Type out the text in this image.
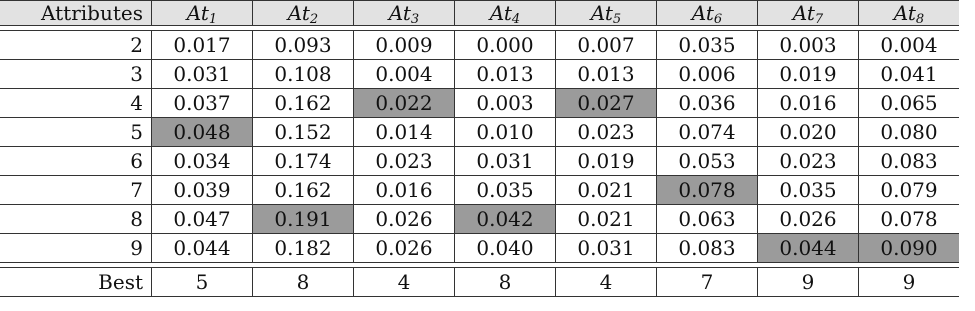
Attributes	$At_1$	$At_2$	$At_3$	$At_4$	$At_5$	$At_6$	$At_7$	$At_8$

2	0.017	0.093	0.009	0.000	0.007	0.035	0.003	0.004
3	0.031	0.108	0.004	0.013	0.013	0.006	0.019	0.041
4	0.037	0.162	0.022	0.003	0.027	0.036	0.016	0.065
5	0.048	0.152	0.014	0.010	0.023	0.074	0.020	0.080
6	0.034	0.174	0.023	0.031	0.019	0.053	0.023	0.083
7	0.039	0.162	0.016	0.035	0.021	0.078	0.035	0.079
8	0.047	0.191	0.026	0.042	0.021	0.063	0.026	0.078
9	0.044	0.182	0.026	0.040	0.031	0.083	0.044	0.090

Best	5	8	4	8	4	7	9	9
